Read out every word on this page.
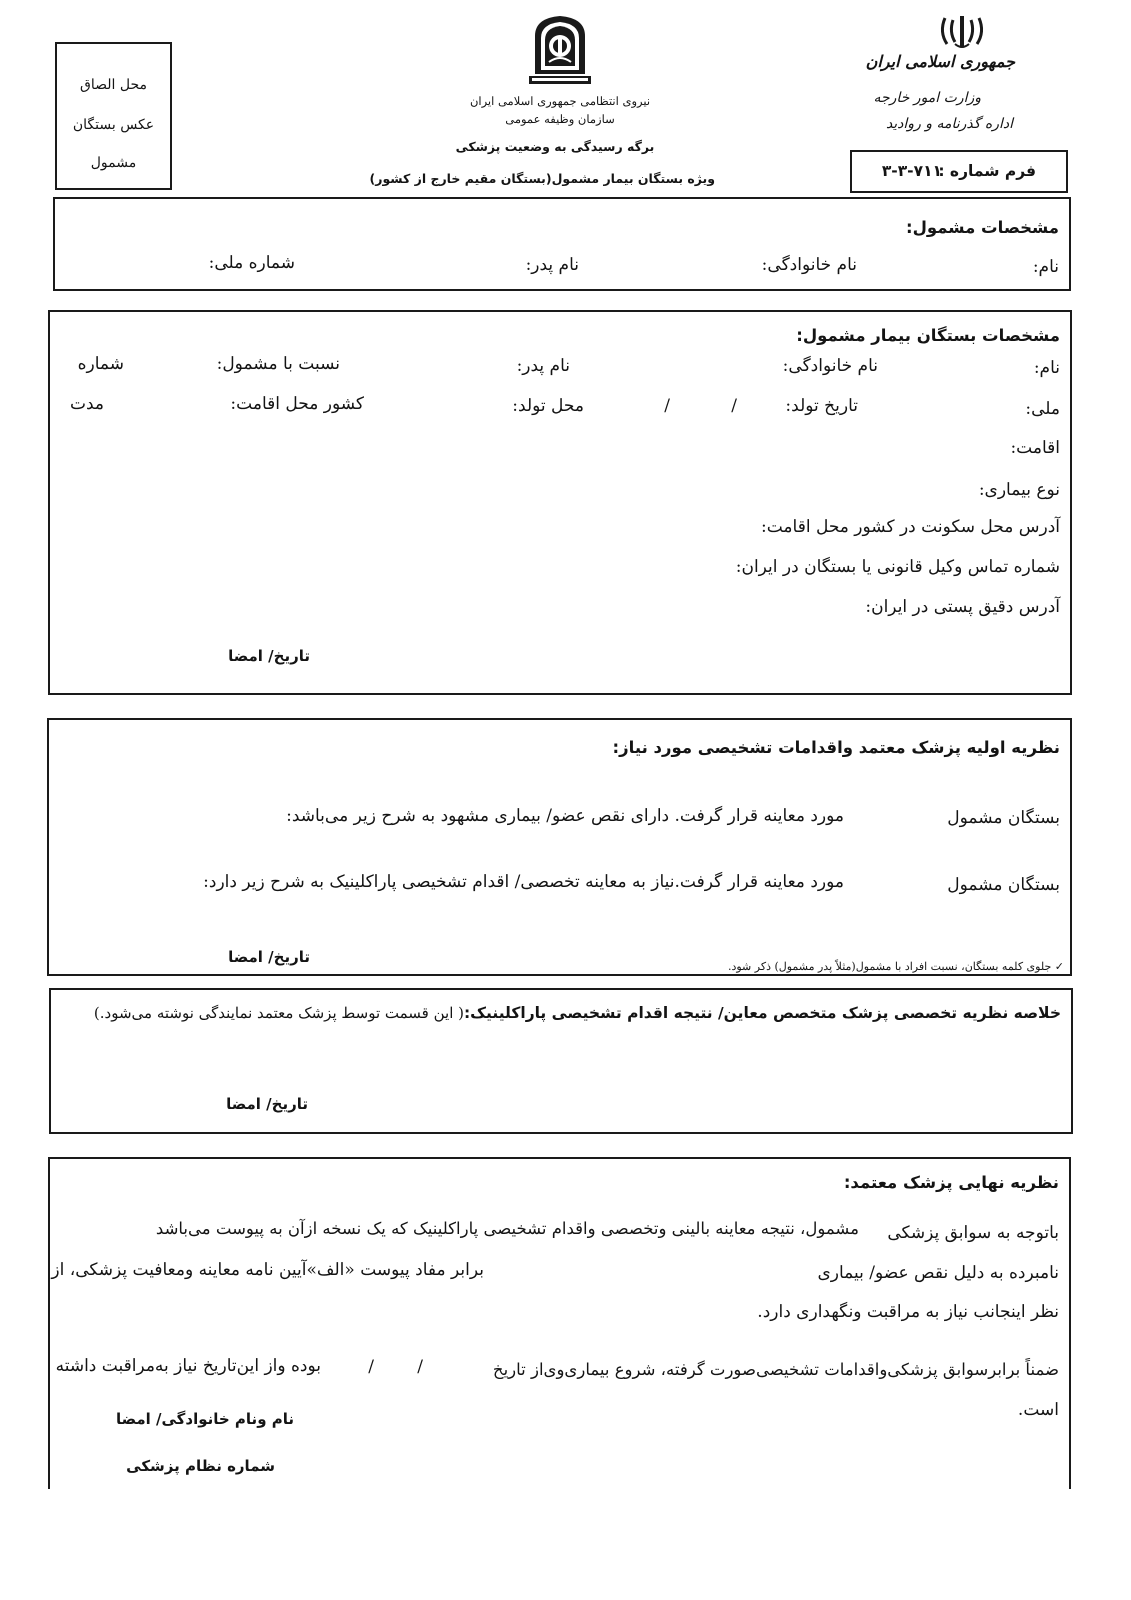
محل الصاق
عکس بستگان
مشمول
نیروی انتظامی جمهوری اسلامی ایران
سازمان وظیفه عمومی
برگه رسیدگی به وضعیت پزشکی
ویژه بستگان بیمار مشمول(بستگان مقیم خارج از کشور)
جمهوری اسلامی ایران
وزارت امور خارجه
اداره گذرنامه و روادید
فرم شماره :
۳-۳-۷۱۱
مشخصات مشمول:
نام:
نام خانوادگی:
نام پدر:
شماره ملی:
مشخصات بستگان بیمار مشمول:
نام:
نام خانوادگی:
نام پدر:
نسبت با مشمول:
شماره
ملی:
تاریخ تولد:
/
/
محل تولد:
کشور محل اقامت:
مدت
اقامت:
نوع بیماری:
آدرس محل سکونت در کشور محل اقامت:
شماره تماس وکیل قانونی یا بستگان در ایران:
آدرس دقیق پستی در ایران:
تاریخ/ امضا
نظریه اولیه پزشک معتمد واقدامات تشخیصی مورد نیاز:
بستگان مشمول
مورد معاینه قرار گرفت. دارای نقص عضو/ بیماری مشهود به شرح زیر می‌باشد:
بستگان مشمول
مورد معاینه قرار گرفت.نیاز به معاینه تخصصی/ اقدام تشخیصی پاراکلینیک به شرح زیر دارد:
تاریخ/ امضا
✓ جلوی کلمه بستگان، نسبت افراد با مشمول(مثلاً پدر مشمول) ذکر شود.
خلاصه نظریه تخصصی پزشک متخصص معاین/ نتیجه اقدام تشخیصی پاراکلینیک:( این قسمت توسط پزشک معتمد نمایندگی نوشته می‌شود.)
تاریخ/ امضا
نظریه نهایی پزشک معتمد:
باتوجه به سوابق پزشکی
مشمول، نتیجه معاینه بالینی وتخصصی واقدام تشخیصی پاراکلینیک که یک نسخه ازآن به پیوست می‌باشد
نامبرده به دلیل نقص عضو/ بیماری
برابر مفاد پیوست «الف»آیین نامه معاینه ومعافیت پزشکی، از
نظر اینجانب نیاز به مراقبت ونگهداری دارد.
ضمناً برابرسوابق پزشکی‌واقدامات تشخیصی‌صورت گرفته، شروع بیماری‌وی‌از تاریخ
/
/
بوده واز این‌تاریخ نیاز به‌مراقبت داشته
است.
نام ونام خانوادگی/ امضا
شماره نظام پزشکی
